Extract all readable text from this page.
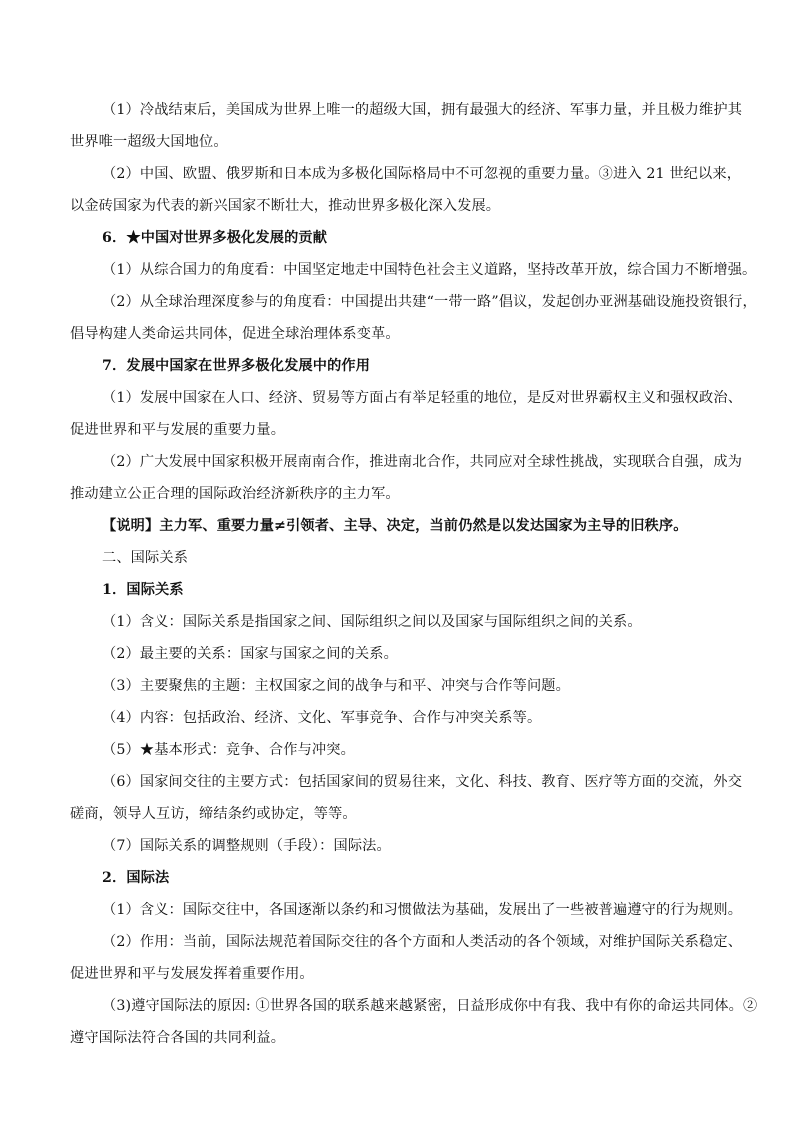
（1）冷战结束后，美国成为世界上唯一的超级大国，拥有最强大的经济、军事力量，并且极力维护其
世界唯一超级大国地位。
（2）中国、欧盟、俄罗斯和日本成为多极化国际格局中不可忽视的重要力量。③进入 21 世纪以来，
以金砖国家为代表的新兴国家不断壮大，推动世界多极化深入发展。
6．★中国对世界多极化发展的贡献
（1）从综合国力的角度看：中国坚定地走中国特色社会主义道路，坚持改革开放，综合国力不断增强。
（2）从全球治理深度参与的角度看：中国提出共建“一带一路”倡议，发起创办亚洲基础设施投资银行，
倡导构建人类命运共同体，促进全球治理体系变革。
7．发展中国家在世界多极化发展中的作用
（1）发展中国家在人口、经济、贸易等方面占有举足轻重的地位，是反对世界霸权主义和强权政治、
促进世界和平与发展的重要力量。
（2）广大发展中国家积极开展南南合作，推进南北合作，共同应对全球性挑战，实现联合自强，成为
推动建立公正合理的国际政治经济新秩序的主力军。
【说明】主力军、重要力量≠引领者、主导、决定，当前仍然是以发达国家为主导的旧秩序。
二、国际关系
1．国际关系
（1）含义：国际关系是指国家之间、国际组织之间以及国家与国际组织之间的关系。
（2）最主要的关系：国家与国家之间的关系。
（3）主要聚焦的主题：主权国家之间的战争与和平、冲突与合作等问题。
（4）内容：包括政治、经济、文化、军事竞争、合作与冲突关系等。
（5）★基本形式：竞争、合作与冲突。
（6）国家间交往的主要方式：包括国家间的贸易往来，文化、科技、教育、医疗等方面的交流，外交
磋商，领导人互访，缔结条约或协定，等等。
（7）国际关系的调整规则（手段）：国际法。
2．国际法
（1）含义：国际交往中，各国逐渐以条约和习惯做法为基础，发展出了一些被普遍遵守的行为规则。
（2）作用：当前，国际法规范着国际交往的各个方面和人类活动的各个领域，对维护国际关系稳定、
促进世界和平与发展发挥着重要作用。
（3)遵守国际法的原因: ①世界各国的联系越来越紧密，日益形成你中有我、我中有你的命运共同体。②
遵守国际法符合各国的共同利益。
